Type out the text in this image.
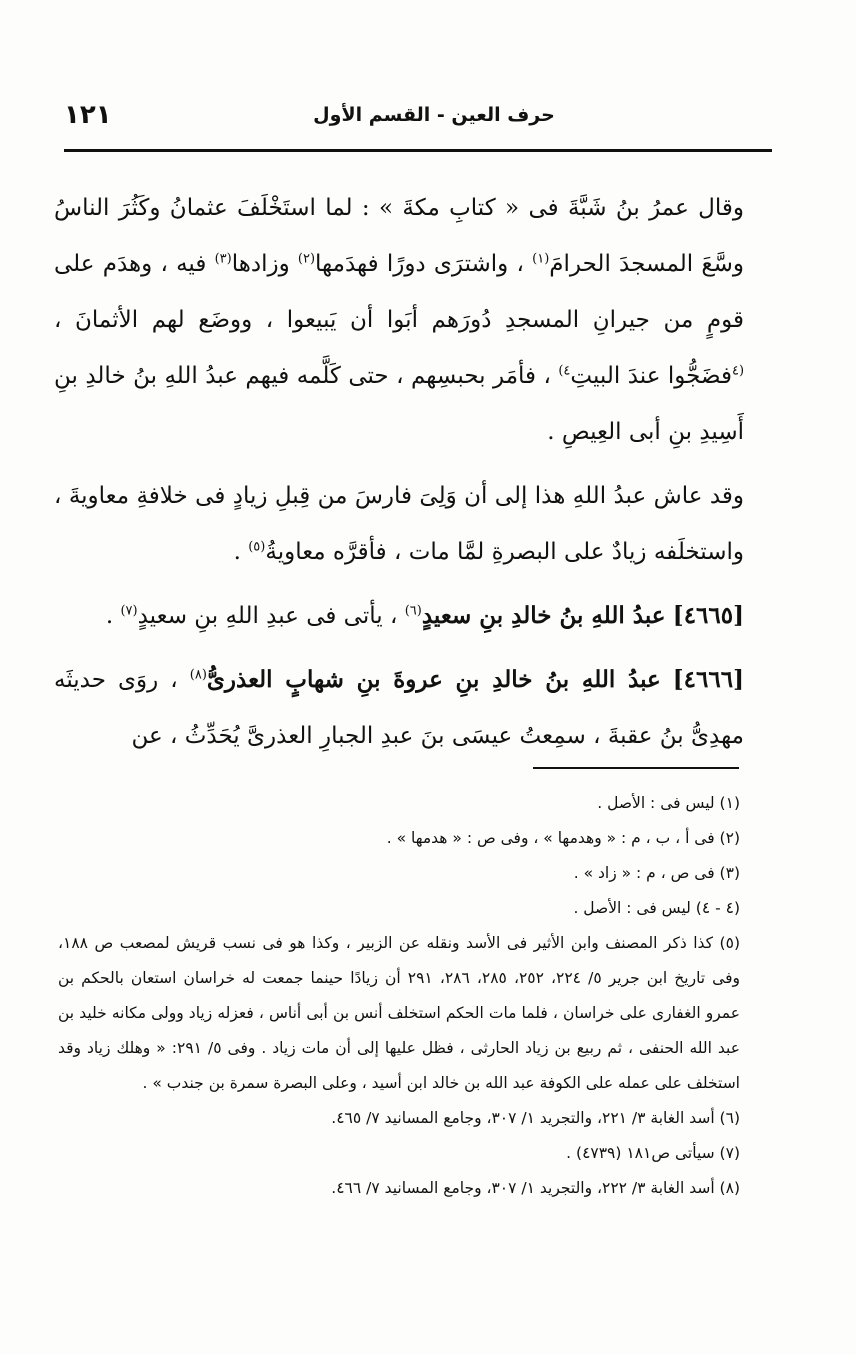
١٢١	حرف العين - القسم الأول

وقال عمرُ بنُ شَبَّةَ فى « كتابِ مكةَ » : لما استَخْلَفَ عثمانُ وكَثُرَ الناسُ وسَّعَ المسجدَ الحرامَ$^{(١)}$ ، واشترَى دورًا فهدَمها$^{(٢)}$ وزادها$^{(٣)}$ فيه ، وهدَم على قومٍ من جيرانِ المسجدِ دُورَهم أبَوا أن يَبيعوا ، ووضَع لهم الأثمانَ ، $^{(٤}$فضَجُّوا عندَ البيتِ$^{٤)}$ ، فأمَر بحبسِهم ، حتى كَلَّمه فيهم عبدُ اللهِ بنُ خالدِ بنِ أَسِيدِ بنِ أبى العِيصِ .

وقد عاش عبدُ اللهِ هذا إلى أن وَلِىَ فارسَ من قِبلِ زيادٍ فى خلافةِ معاويةَ ، واستخلَفه زيادٌ على البصرةِ لمَّا مات ، فأقرَّه معاويةُ$^{(٥)}$ .

[٤٦٦٥] عبدُ اللهِ بنُ خالدِ بنِ سعيدٍ$^{(٦)}$ ، يأتى فى عبدِ اللهِ بنِ سعيدٍ$^{(٧)}$ .

[٤٦٦٦] عبدُ اللهِ بنُ خالدِ بنِ عروةَ بنِ شهابٍ العذرىُّ$^{(٨)}$ ، روَى حديثَه مهدِىُّ بنُ عقبةَ ، سمِعتُ عيسَى بنَ عبدِ الجبارِ العذرىَّ يُحَدِّثُ ، عن

(١) ليس فى : الأصل .

(٢) فى أ ، ب ، م : « وهدمها » ، وفى ص : « هدمها » .

(٣) فى ص ، م : « زاد » .

(٤ - ٤) ليس فى : الأصل .

(٥) كذا ذكر المصنف وابن الأثير فى الأسد ونقله عن الزبير ، وكذا هو فى نسب قريش لمصعب ص ١٨٨، وفى تاريخ ابن جرير ٥/ ٢٢٤، ٢٥٢، ٢٨٥، ٢٨٦، ٢٩١ أن زيادًا حينما جمعت له خراسان استعان بالحكم بن عمرو الغفارى على خراسان ، فلما مات الحكم استخلف أنس بن أبى أناس ، فعزله زياد وولى مكانه خليد بن عبد الله الحنفى ، ثم ربيع بن زياد الحارثى ، فظل عليها إلى أن مات زياد . وفى ٥/ ٢٩١: « وهلك زياد وقد استخلف على عمله على الكوفة عبد الله بن خالد ابن أسيد ، وعلى البصرة سمرة بن جندب » .

(٦) أسد الغابة ٣/ ٢٢١، والتجريد ١/ ٣٠٧، وجامع المسانيد ٧/ ٤٦٥.

(٧) سيأتى ص١٨١ (٤٧٣٩) .

(٨) أسد الغابة ٣/ ٢٢٢، والتجريد ١/ ٣٠٧، وجامع المسانيد ٧/ ٤٦٦.
